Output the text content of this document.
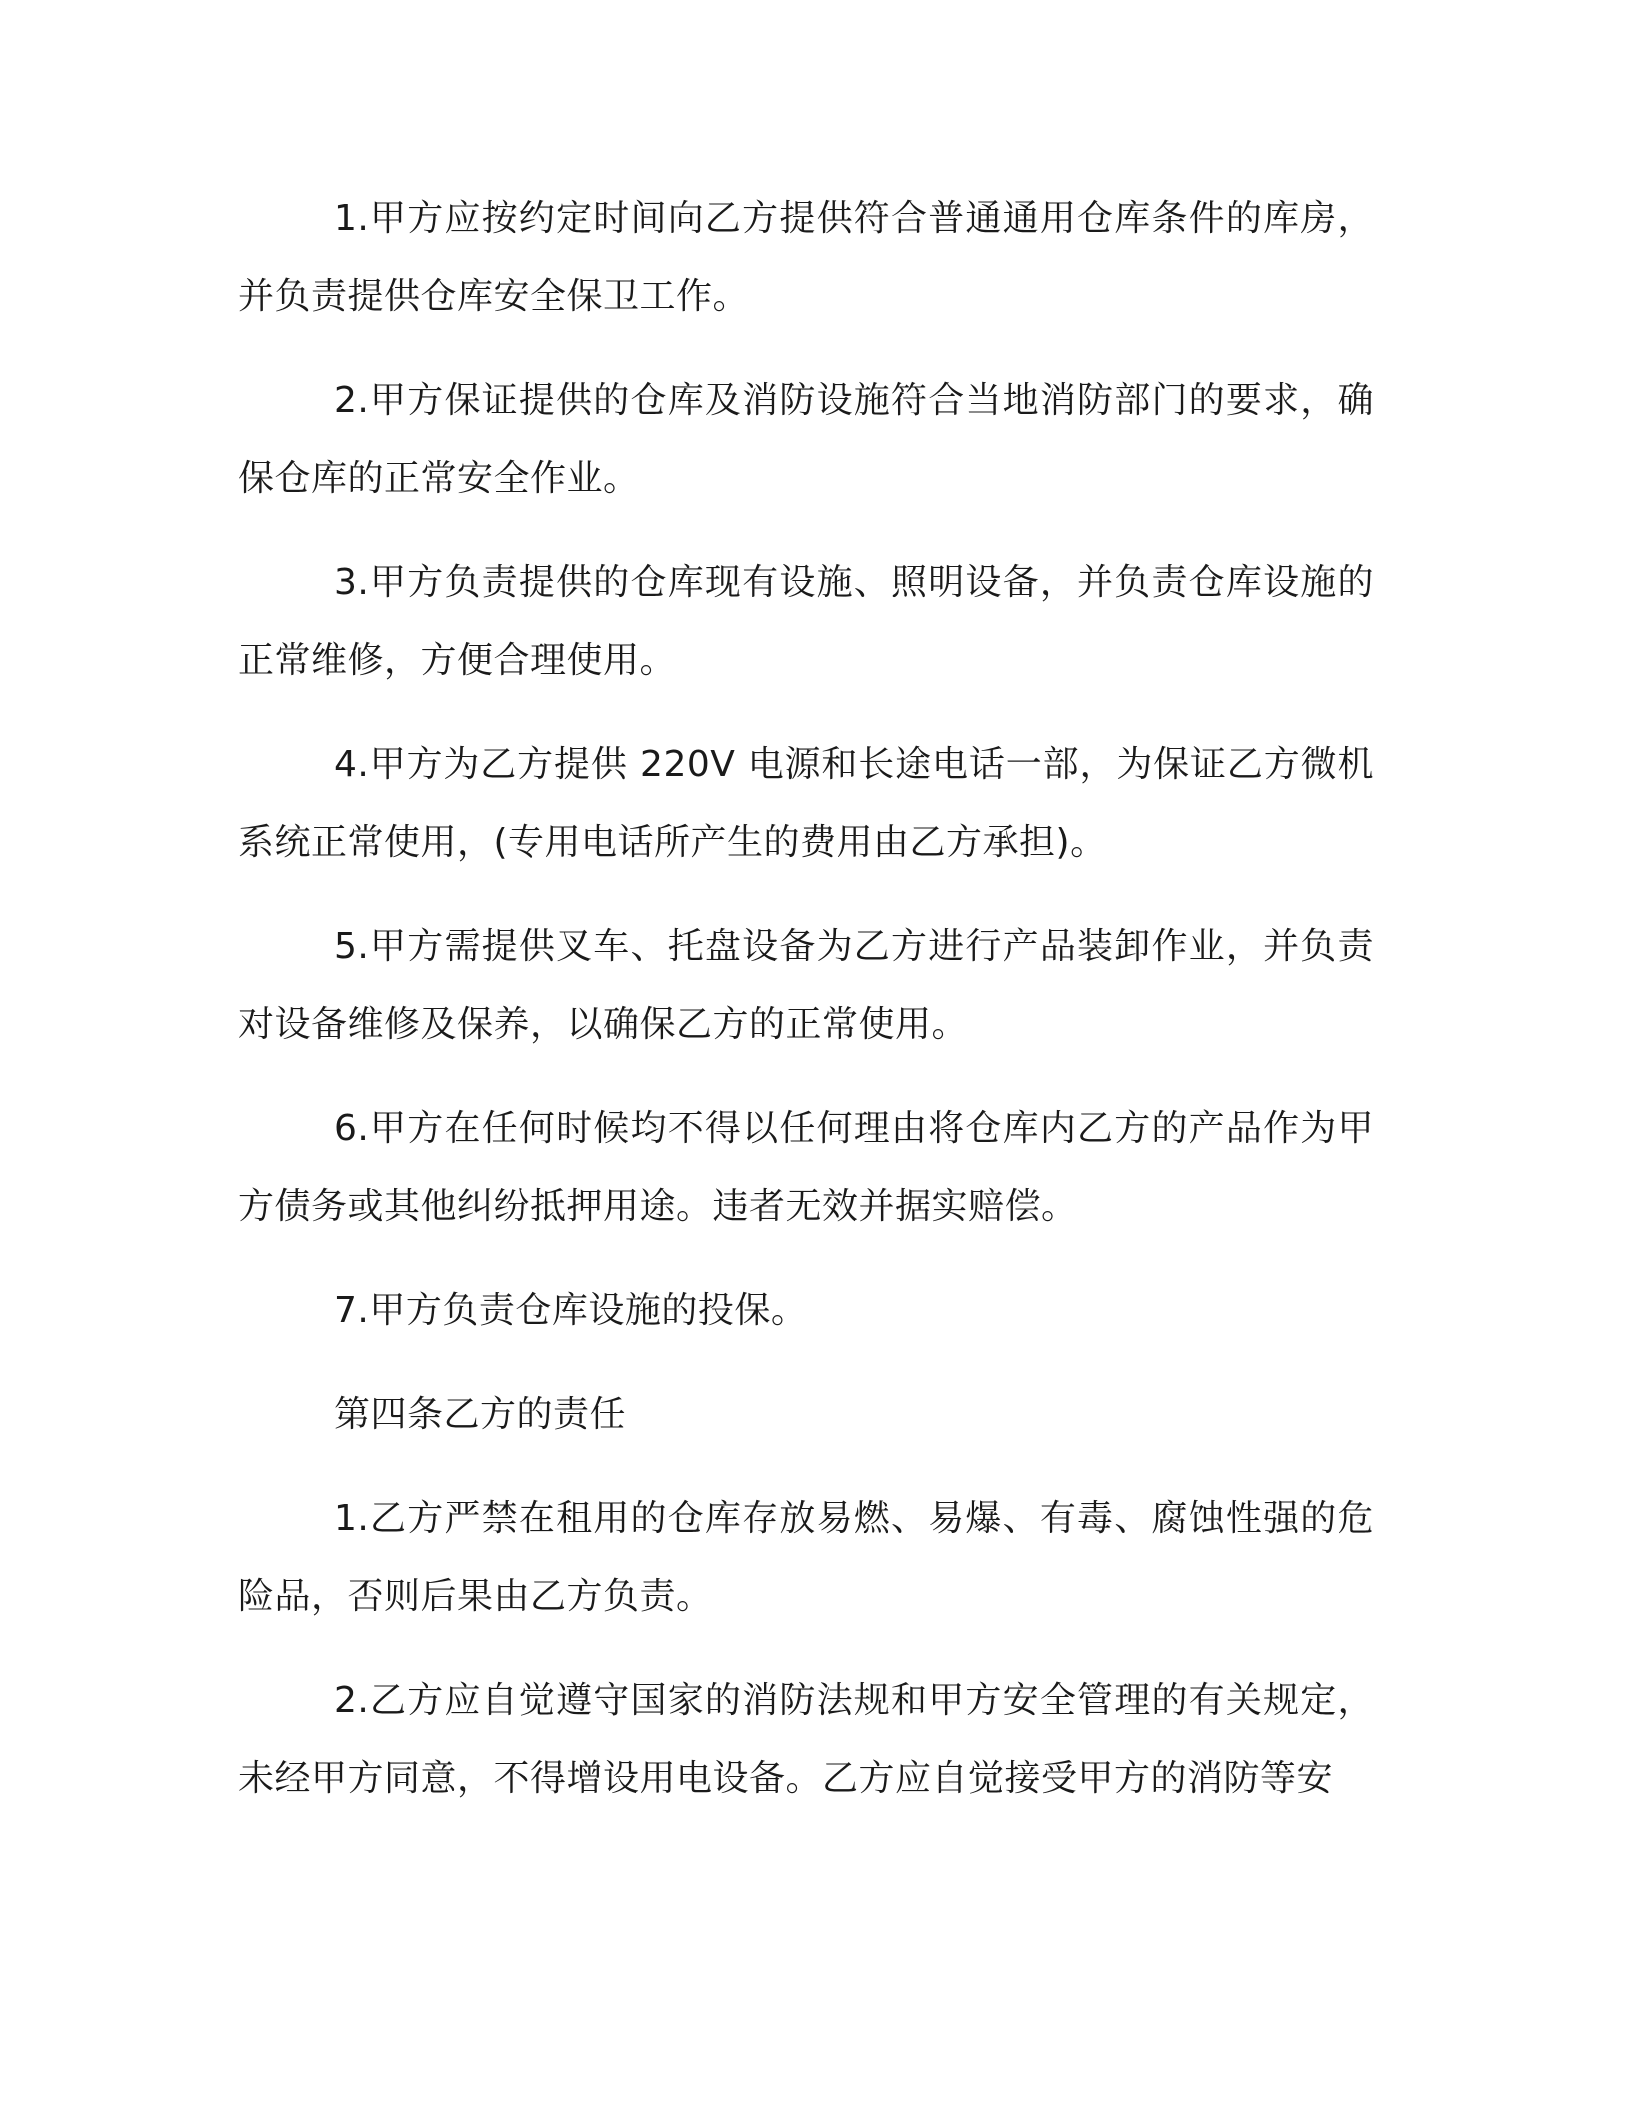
1.甲方应按约定时间向乙方提供符合普通通用仓库条件的库房，并负责提供仓库安全保卫工作。

2.甲方保证提供的仓库及消防设施符合当地消防部门的要求，确保仓库的正常安全作业。

3.甲方负责提供的仓库现有设施、照明设备，并负责仓库设施的正常维修，方便合理使用。

4.甲方为乙方提供 220V 电源和长途电话一部，为保证乙方微机系统正常使用，(专用电话所产生的费用由乙方承担)。

5.甲方需提供叉车、托盘设备为乙方进行产品装卸作业，并负责对设备维修及保养，以确保乙方的正常使用。

6.甲方在任何时候均不得以任何理由将仓库内乙方的产品作为甲方债务或其他纠纷抵押用途。违者无效并据实赔偿。

7.甲方负责仓库设施的投保。

第四条乙方的责任

1.乙方严禁在租用的仓库存放易燃、易爆、有毒、腐蚀性强的危险品，否则后果由乙方负责。

2.乙方应自觉遵守国家的消防法规和甲方安全管理的有关规定，未经甲方同意，不得增设用电设备。乙方应自觉接受甲方的消防等安
